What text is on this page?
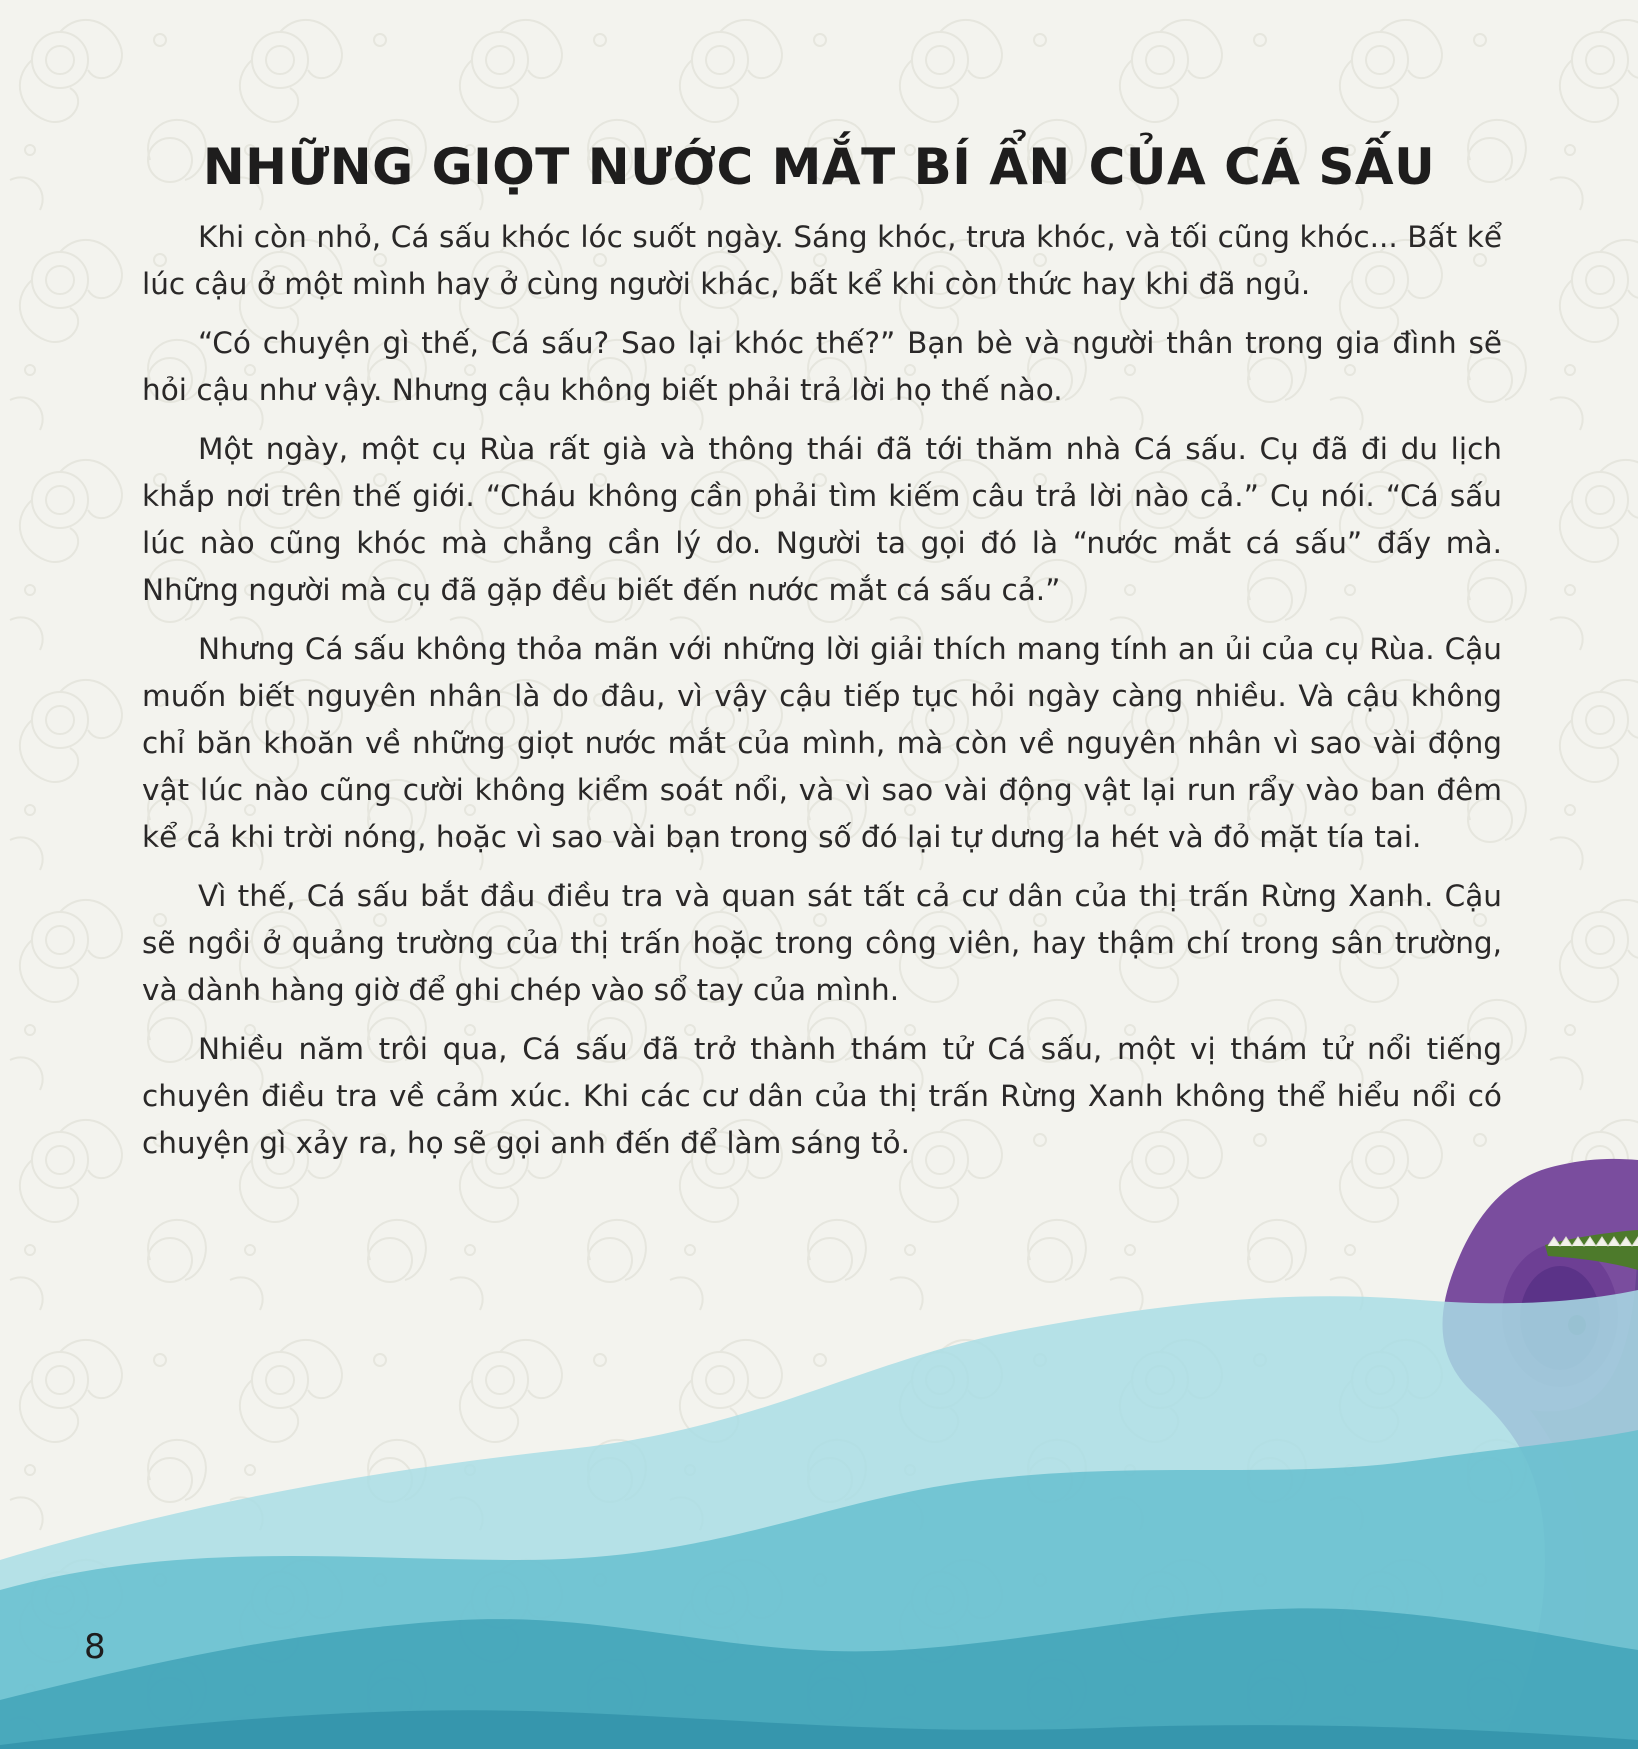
NHỮNG GIỌT NƯỚC MẮT BÍ ẨN CỦA CÁ SẤU

Khi còn nhỏ, Cá sấu khóc lóc suốt ngày. Sáng khóc, trưa khóc, và tối cũng khóc... Bất kể lúc cậu ở một mình hay ở cùng người khác, bất kể khi còn thức hay khi đã ngủ.

“Có chuyện gì thế, Cá sấu? Sao lại khóc thế?” Bạn bè và người thân trong gia đình sẽ hỏi cậu như vậy. Nhưng cậu không biết phải trả lời họ thế nào.

Một ngày, một cụ Rùa rất già và thông thái đã tới thăm nhà Cá sấu. Cụ đã đi du lịch khắp nơi trên thế giới. “Cháu không cần phải tìm kiếm câu trả lời nào cả.” Cụ nói. “Cá sấu lúc nào cũng khóc mà chẳng cần lý do. Người ta gọi đó là “nước mắt cá sấu” đấy mà. Những người mà cụ đã gặp đều biết đến nước mắt cá sấu cả.”

Nhưng Cá sấu không thỏa mãn với những lời giải thích mang tính an ủi của cụ Rùa. Cậu muốn biết nguyên nhân là do đâu, vì vậy cậu tiếp tục hỏi ngày càng nhiều. Và cậu không chỉ băn khoăn về những giọt nước mắt của mình, mà còn về nguyên nhân vì sao vài động vật lúc nào cũng cười không kiểm soát nổi, và vì sao vài động vật lại run rẩy vào ban đêm kể cả khi trời nóng, hoặc vì sao vài bạn trong số đó lại tự dưng la hét và đỏ mặt tía tai.

Vì thế, Cá sấu bắt đầu điều tra và quan sát tất cả cư dân của thị trấn Rừng Xanh. Cậu sẽ ngồi ở quảng trường của thị trấn hoặc trong công viên, hay thậm chí trong sân trường, và dành hàng giờ để ghi chép vào sổ tay của mình.

Nhiều năm trôi qua, Cá sấu đã trở thành thám tử Cá sấu, một vị thám tử nổi tiếng chuyên điều tra về cảm xúc. Khi các cư dân của thị trấn Rừng Xanh không thể hiểu nổi có chuyện gì xảy ra, họ sẽ gọi anh đến để làm sáng tỏ.

8
